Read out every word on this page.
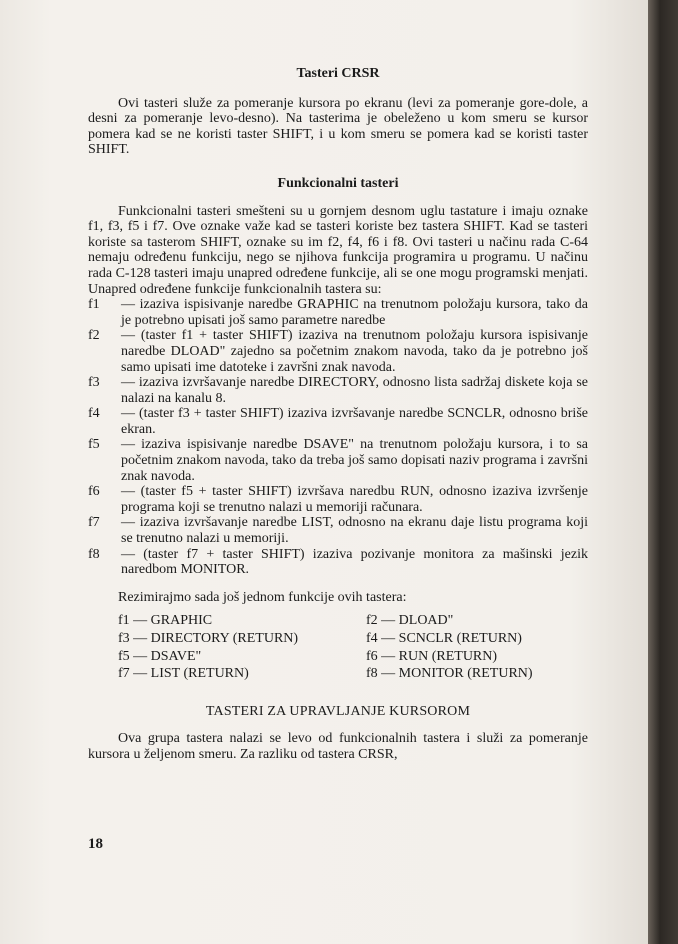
Tasteri CRSR

Ovi tasteri služe za pomeranje kursora po ekranu (levi za pomeranje gore-dole, a desni za pomeranje levo-desno). Na tasterima je obeleženo u kom smeru se kursor pomera kad se ne koristi taster SHIFT, i u kom smeru se pomera kad se koristi taster SHIFT.

Funkcionalni tasteri

Funkcionalni tasteri smešteni su u gornjem desnom uglu tastature i imaju oznake f1, f3, f5 i f7. Ove oznake važe kad se tasteri koriste bez tastera SHIFT. Kad se tasteri koriste sa tasterom SHIFT, oznake su im f2, f4, f6 i f8. Ovi tasteri u načinu rada C-64 nemaju određenu funkciju, nego se njihova funkcija programira u programu. U načinu rada C-128 tasteri imaju unapred određene funkcije, ali se one mogu programski menjati. Unapred određene funkcije funkcionalnih tastera su:

f1	— izaziva ispisivanje naredbe GRAPHIC na trenutnom položaju kursora, tako da je potrebno upisati još samo parametre naredbe
f2	— (taster f1 + taster SHIFT) izaziva na trenutnom položaju kursora ispisivanje naredbe DLOAD" zajedno sa početnim znakom navoda, tako da je potrebno još samo upisati ime datoteke i završni znak navoda.
f3	— izaziva izvršavanje naredbe DIRECTORY, odnosno lista sadržaj diskete koja se nalazi na kanalu 8.
f4	— (taster f3 + taster SHIFT) izaziva izvršavanje naredbe SCNCLR, odnosno briše ekran.
f5	— izaziva ispisivanje naredbe DSAVE" na trenutnom položaju kursora, i to sa početnim znakom navoda, tako da treba još samo dopisati naziv programa i završni znak navoda.
f6	— (taster f5 + taster SHIFT) izvršava naredbu RUN, odnosno izaziva izvršenje programa koji se trenutno nalazi u memoriji računara.
f7	— izaziva izvršavanje naredbe LIST, odnosno na ekranu daje listu programa koji se trenutno nalazi u memoriji.
f8	— (taster f7 + taster SHIFT) izaziva pozivanje monitora za mašinski jezik naredbom MONITOR.
Rezimirajmo sada još jednom funkcije ovih tastera:
f1 — GRAPHIC	f2 — DLOAD"
f3 — DIRECTORY (RETURN)	f4 — SCNCLR (RETURN)
f5 — DSAVE"	f6 — RUN (RETURN)
f7 — LIST (RETURN)	f8 — MONITOR (RETURN)
TASTERI ZA UPRAVLJANJE KURSOROM

Ova grupa tastera nalazi se levo od funkcionalnih tastera i služi za pomeranje kursora u željenom smeru. Za razliku od tastera CRSR,

18
